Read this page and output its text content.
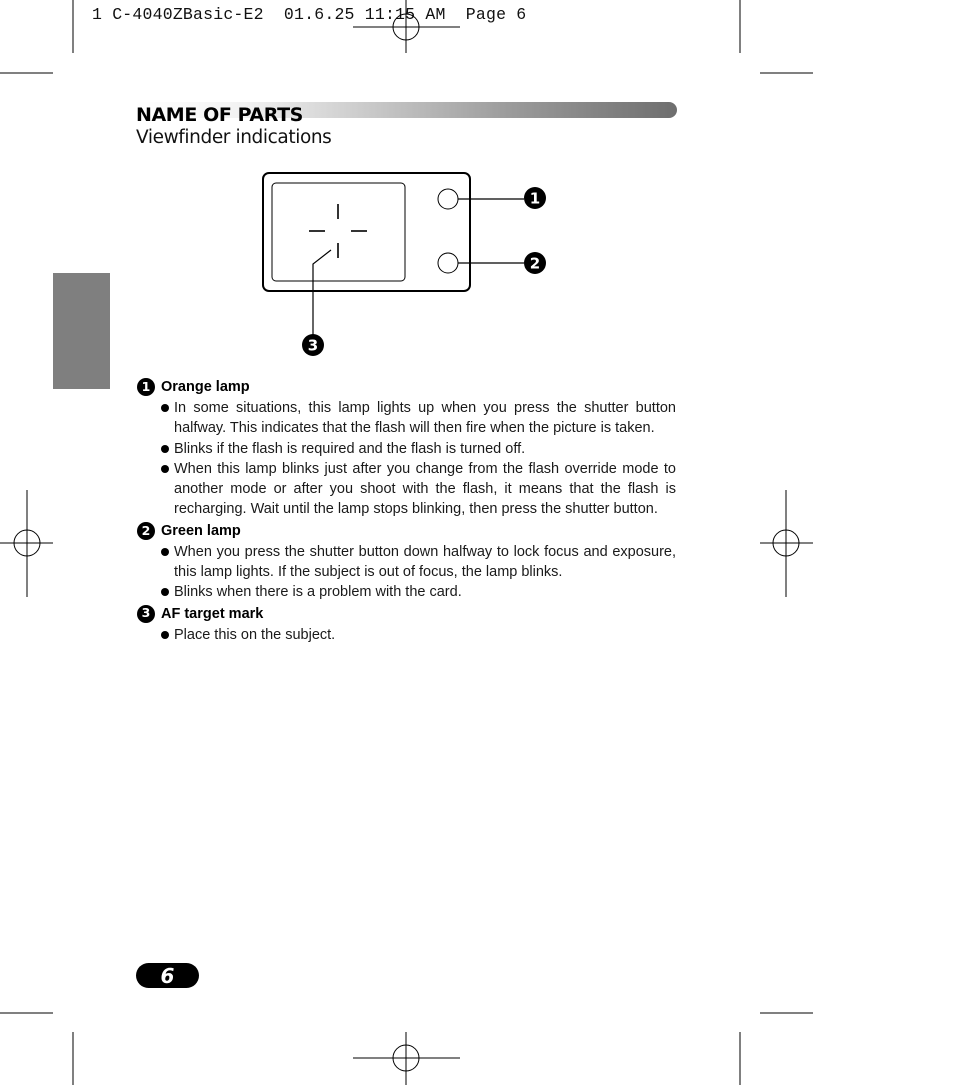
1 C-4040ZBasic-E2  01.6.25 11:15 AM  Page 6
NAME OF PARTS
Viewfinder indications
1
2
3
1 Orange lamp
In some situations, this lamp lights up when you press the shutter button halfway. This indicates that the flash will then fire when the picture is taken.
Blinks if the flash is required and the flash is turned off.
When this lamp blinks just after you change from the flash override mode to another mode or after you shoot with the flash, it means that the flash is recharging. Wait until the lamp stops blinking, then press the shutter button.
2 Green lamp
When you press the shutter button down halfway to lock focus and exposure, this lamp lights. If the subject is out of focus, the lamp blinks.
Blinks when there is a problem with the card.
3 AF target mark
Place this on the subject.
6
